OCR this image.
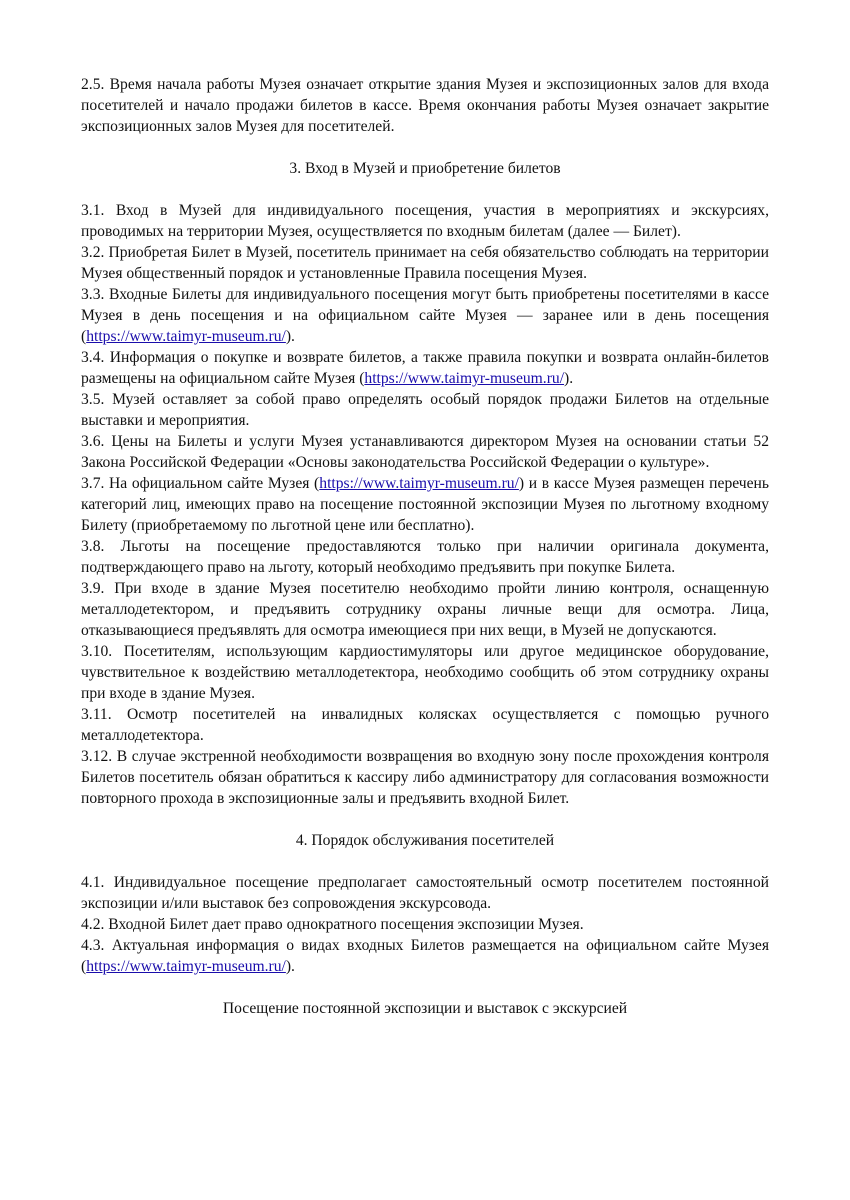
2.5. Время начала работы Музея означает открытие здания Музея и экспозиционных залов для входа посетителей и начало продажи билетов в кассе. Время окончания работы Музея означает закрытие экспозиционных залов Музея для посетителей.

3. Вход в Музей и приобретение билетов

3.1. Вход в Музей для индивидуального посещения, участия в мероприятиях и экскурсиях, проводимых на территории Музея, осуществляется по входным билетам (далее — Билет).

3.2. Приобретая Билет в Музей, посетитель принимает на себя обязательство соблюдать на территории Музея общественный порядок и установленные Правила посещения Музея.

3.3. Входные Билеты для индивидуального посещения могут быть приобретены посетителями в кассе Музея в день посещения и на официальном сайте Музея — заранее или в день посещения (https://www.taimyr-museum.ru/).

3.4. Информация о покупке и возврате билетов, а также правила покупки и возврата онлайн-билетов размещены на официальном сайте Музея (https://www.taimyr-museum.ru/).

3.5. Музей оставляет за собой право определять особый порядок продажи Билетов на отдельные выставки и мероприятия.

3.6. Цены на Билеты и услуги Музея устанавливаются директором Музея на основании статьи 52 Закона Российской Федерации «Основы законодательства Российской Федерации о культуре».

3.7. На официальном сайте Музея (https://www.taimyr-museum.ru/) и в кассе Музея размещен перечень категорий лиц, имеющих право на посещение постоянной экспозиции Музея по льготному входному Билету (приобретаемому по льготной цене или бесплатно).

3.8. Льготы на посещение предоставляются только при наличии оригинала документа, подтверждающего право на льготу, который необходимо предъявить при покупке Билета.

3.9. При входе в здание Музея посетителю необходимо пройти линию контроля, оснащенную металлодетектором, и предъявить сотруднику охраны личные вещи для осмотра. Лица, отказывающиеся предъявлять для осмотра имеющиеся при них вещи, в Музей не допускаются.

3.10. Посетителям, использующим кардиостимуляторы или другое медицинское оборудование, чувствительное к воздействию металлодетектора, необходимо сообщить об этом сотруднику охраны при входе в здание Музея.

3.11. Осмотр посетителей на инвалидных колясках осуществляется с помощью ручного металлодетектора.

3.12. В случае экстренной необходимости возвращения во входную зону после прохождения контроля Билетов посетитель обязан обратиться к кассиру либо администратору для согласования возможности повторного прохода в экспозиционные залы и предъявить входной Билет.

4. Порядок обслуживания посетителей

4.1. Индивидуальное посещение предполагает самостоятельный осмотр посетителем постоянной экспозиции и/или выставок без сопровождения экскурсовода.

4.2. Входной Билет дает право однократного посещения экспозиции Музея.

4.3. Актуальная информация о видах входных Билетов размещается на официальном сайте Музея (https://www.taimyr-museum.ru/).

Посещение постоянной экспозиции и выставок с экскурсией
